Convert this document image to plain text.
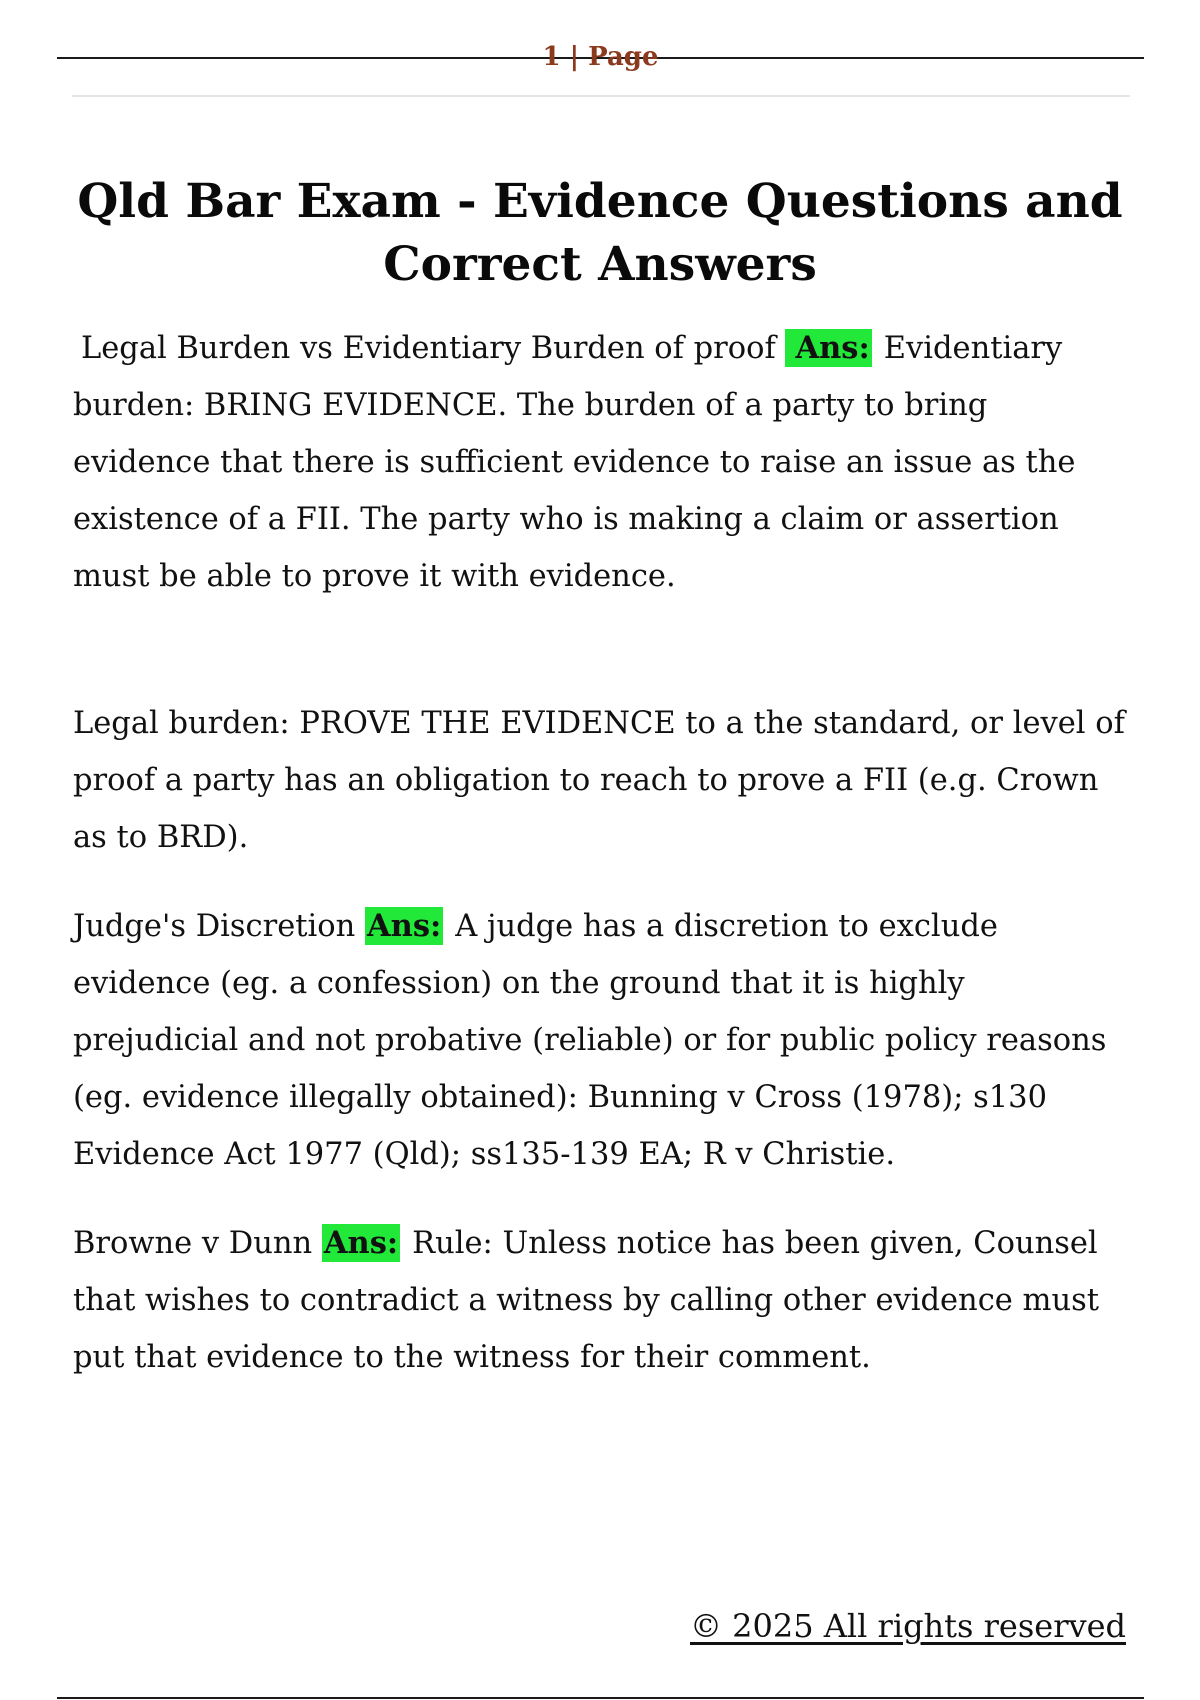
1 | Page
Qld Bar Exam - Evidence Questions and Correct Answers

Legal Burden vs Evidentiary Burden of proof Ans: Evidentiary burden: BRING EVIDENCE. The burden of a party to bring evidence that there is sufficient evidence to raise an issue as the existence of a FII. The party who is making a claim or assertion must be able to prove it with evidence.

Legal burden: PROVE THE EVIDENCE to a the standard, or level of proof a party has an obligation to reach to prove a FII (e.g. Crown as to BRD).

Judge's Discretion Ans: A judge has a discretion to exclude evidence (eg. a confession) on the ground that it is highly prejudicial and not probative (reliable) or for public policy reasons (eg. evidence illegally obtained): Bunning v Cross (1978); s130 Evidence Act 1977 (Qld); ss135-139 EA; R v Christie.

Browne v Dunn Ans: Rule: Unless notice has been given, Counsel that wishes to contradict a witness by calling other evidence must put that evidence to the witness for their comment.

© 2025 All rights reserved
